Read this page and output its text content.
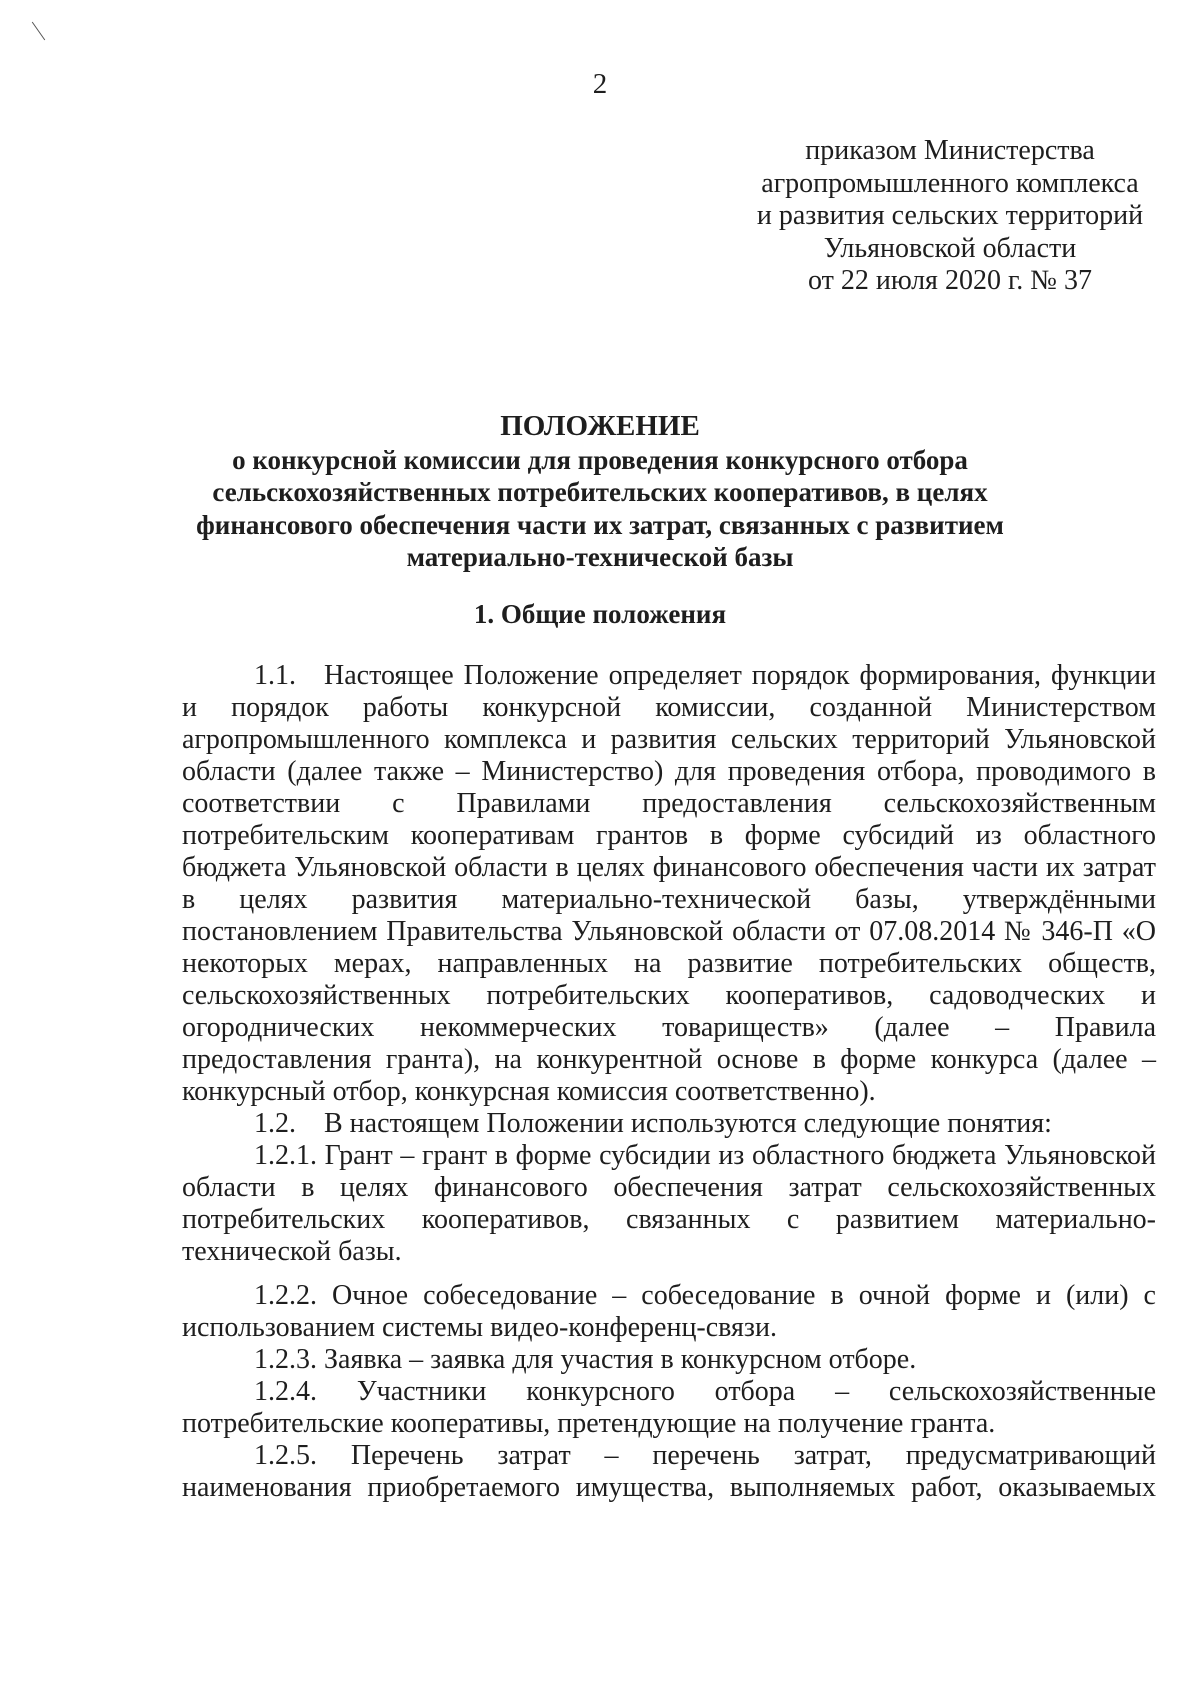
2
приказом Министерства
агропромышленного комплекса
и развития сельских территорий
Ульяновской области
от 22 июля 2020 г. № 37
ПОЛОЖЕНИЕ
о конкурсной комиссии для проведения конкурсного отбора
сельскохозяйственных потребительских кооперативов, в целях
финансового обеспечения части их затрат, связанных с развитием
материально-технической базы
1. Общие положения

1.1. Настоящее Положение определяет порядок формирования, функции и порядок работы конкурсной комиссии, созданной Министерством агропромышленного комплекса и развития сельских территорий Ульяновской области (далее также – Министерство) для проведения отбора, проводимого в соответствии с Правилами предоставления сельскохозяйственным потребительским кооперативам грантов в форме субсидий из областного бюджета Ульяновской области в целях финансового обеспечения части их затрат в целях развития материально-технической базы, утверждёнными постановлением Правительства Ульяновской области от 07.08.2014 № 346-П «О некоторых мерах, направленных на развитие потребительских обществ, сельскохозяйственных потребительских кооперативов, садоводческих и огороднических некоммерческих товариществ» (далее – Правила предоставления гранта), на конкурентной основе в форме конкурса (далее – конкурсный отбор, конкурсная комиссия соответственно).

1.2. В настоящем Положении используются следующие понятия:

1.2.1. Грант – грант в форме субсидии из областного бюджета Ульяновской области в целях финансового обеспечения затрат сельскохозяйственных потребительских кооперативов, связанных с развитием материально-технической базы.

1.2.2. Очное собеседование – собеседование в очной форме и (или) с использованием системы видео-конференц-связи.

1.2.3. Заявка – заявка для участия в конкурсном отборе.

1.2.4. Участники конкурсного отбора – сельскохозяйственные потребительские кооперативы, претендующие на получение гранта.

1.2.5. Перечень затрат – перечень затрат, предусматривающий наименования приобретаемого имущества, выполняемых работ, оказываемых
